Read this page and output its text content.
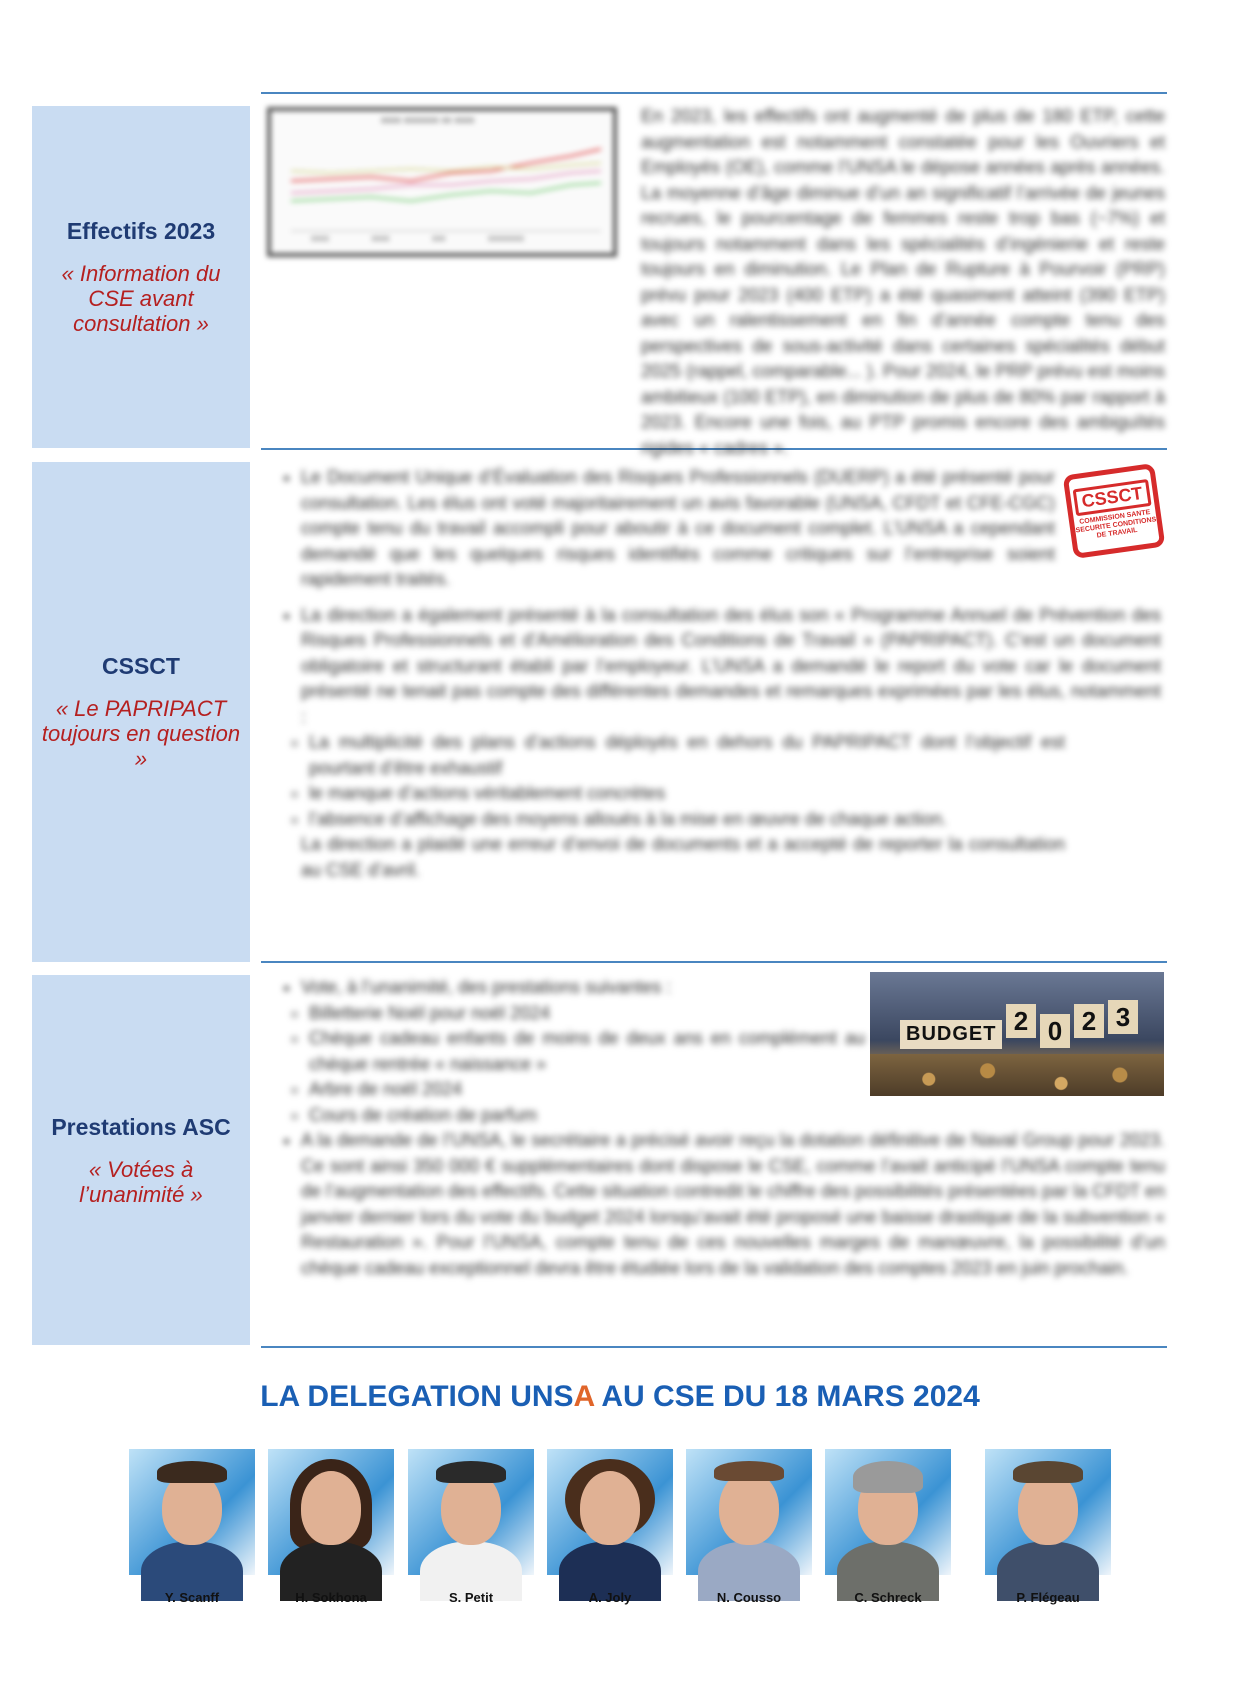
Effectifs 2023
« Information du CSE avant consultation »
xxxx xxxxxxx xx xxxx
xxxx xxxx xxx xxxxxxxx
En 2023, les effectifs ont augmenté de plus de 180 ETP, cette augmentation est notamment constatée pour les Ouvriers et Employés (OE), comme l’UNSA le dépose années après années. La moyenne d’âge diminue d’un an significatif l’arrivée de jeunes recrues, le pourcentage de femmes reste trop bas (~7%) et toujours notamment dans les spécialités d’ingénierie et reste toujours en diminution. Le Plan de Rupture à Pourvoir (PRP) prévu pour 2023 (400 ETP) a été quasiment atteint (390 ETP) avec un ralentissement en fin d’année compte tenu des perspectives de sous-activité dans certaines spécialités début 2025 (rappel, comparable... ). Pour 2024, le PRP prévu est moins ambitieux (100 ETP), en diminution de plus de 80% par rapport à 2023. Encore une fois, au PTP promis encore des ambiguïtés rigides « cadres ».
CSSCT
« Le PAPRIPACT toujours en question »
CSSCT
COMMISSION SANTE SECURITE CONDITIONS DE TRAVAIL
• Le Document Unique d’Évaluation des Risques Professionnels (DUERP) a été présenté pour consultation. Les élus ont voté majoritairement un avis favorable (UNSA, CFDT et CFE-CGC) compte tenu du travail accompli pour aboutir à ce document complet. L’UNSA a cependant demandé que les quelques risques identifiés comme critiques sur l’entreprise soient rapidement traités.
• La direction a également présenté à la consultation des élus son « Programme Annuel de Prévention des Risques Professionnels et d’Amélioration des Conditions de Travail » (PAPRIPACT). C’est un document obligatoire et structurant établi par l’employeur. L’UNSA a demandé le report du vote car le document présenté ne tenait pas compte des différentes demandes et remarques exprimées par les élus, notamment :
◦ La multiplicité des plans d’actions déployés en dehors du PAPRIPACT dont l’objectif est pourtant d’être exhaustif
◦ le manque d’actions véritablement concrètes
◦ l’absence d’affichage des moyens alloués à la mise en œuvre de chaque action.
La direction a plaidé une erreur d’envoi de documents et a accepté de reporter la consultation au CSE d’avril.
Prestations ASC
« Votées à l’unanimité »
BUDGET 2 0 2 3
• Vote, à l’unanimité, des prestations suivantes :
◦ Billetterie Noël pour noël 2024
◦ Chèque cadeau enfants de moins de deux ans en complément au chèque rentrée « naissance »
◦ Arbre de noël 2024
◦ Cours de création de parfum
• A la demande de l’UNSA, le secrétaire a précisé avoir reçu la dotation définitive de Naval Group pour 2023. Ce sont ainsi 350 000 € supplémentaires dont dispose le CSE, comme l’avait anticipé l’UNSA compte tenu de l’augmentation des effectifs. Cette situation contredit le chiffre des possibilités présentées par la CFDT en janvier dernier lors du vote du budget 2024 lorsqu’avait été proposé une baisse drastique de la subvention « Restauration ». Pour l’UNSA, compte tenu de ces nouvelles marges de manœuvre, la possibilité d’un chèque cadeau exceptionnel devra être étudiée lors de la validation des comptes 2023 en juin prochain.
LA DELEGATION UNSA AU CSE DU 18 MARS 2024
Y. Scanff	H. Sokhona	S. Petit	A. Joly	N. Cousso	C. Schreck	P. Flégeau
